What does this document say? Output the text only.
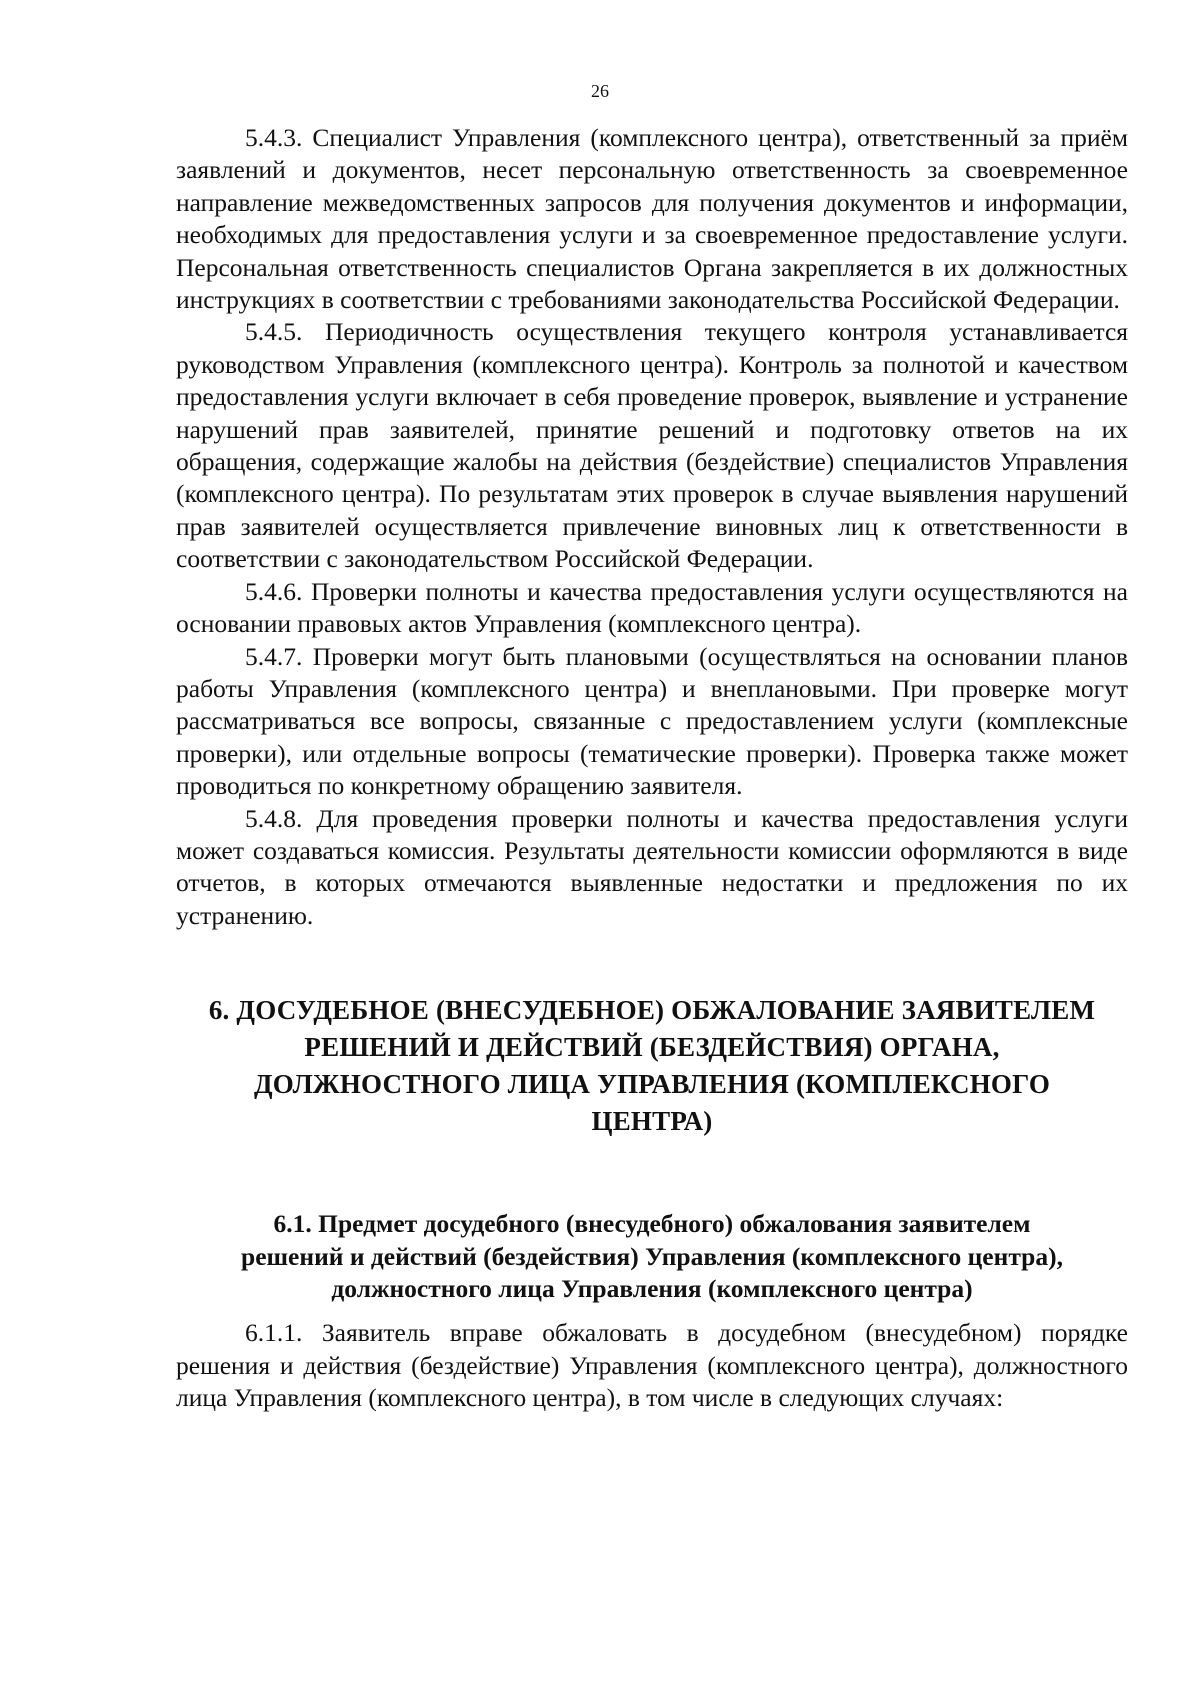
26

5.4.3. Специалист Управления (комплексного центра), ответственный за приём заявлений и документов, несет персональную ответственность за своевременное направление межведомственных запросов для получения документов и информации, необходимых для предоставления услуги и за своевременное предоставление услуги. Персональная ответственность специалистов Органа закрепляется в их должностных инструкциях в соответствии с требованиями законодательства Российской Федерации.

5.4.5. Периодичность осуществления текущего контроля устанавливается руководством Управления (комплексного центра). Контроль за полнотой и качеством предоставления услуги включает в себя проведение проверок, выявление и устранение нарушений прав заявителей, принятие решений и подготовку ответов на их обращения, содержащие жалобы на действия (бездействие) специалистов Управления (комплексного центра). По результатам этих проверок в случае выявления нарушений прав заявителей осуществляется привлечение виновных лиц к ответственности в соответствии с законодательством Российской Федерации.

5.4.6. Проверки полноты и качества предоставления услуги осуществляются на основании правовых актов Управления (комплексного центра).

5.4.7. Проверки могут быть плановыми (осуществляться на основании планов работы Управления (комплексного центра) и внеплановыми. При проверке могут рассматриваться все вопросы, связанные с предоставлением услуги (комплексные проверки), или отдельные вопросы (тематические проверки). Проверка также может проводиться по конкретному обращению заявителя.

5.4.8. Для проведения проверки полноты и качества предоставления услуги может создаваться комиссия. Результаты деятельности комиссии оформляются в виде отчетов, в которых отмечаются выявленные недостатки и предложения по их устранению.

6. ДОСУДЕБНОЕ (ВНЕСУДЕБНОЕ) ОБЖАЛОВАНИЕ ЗАЯВИТЕЛЕМ
РЕШЕНИЙ И ДЕЙСТВИЙ (БЕЗДЕЙСТВИЯ) ОРГАНА,
ДОЛЖНОСТНОГО ЛИЦА УПРАВЛЕНИЯ (КОМПЛЕКСНОГО
ЦЕНТРА)
6.1. Предмет досудебного (внесудебного) обжалования заявителем
решений и действий (бездействия) Управления (комплексного центра),
должностного лица Управления (комплексного центра)

6.1.1. Заявитель вправе обжаловать в досудебном (внесудебном) порядке решения и действия (бездействие) Управления (комплексного центра), должностного лица Управления (комплексного центра), в том числе в следующих случаях:
